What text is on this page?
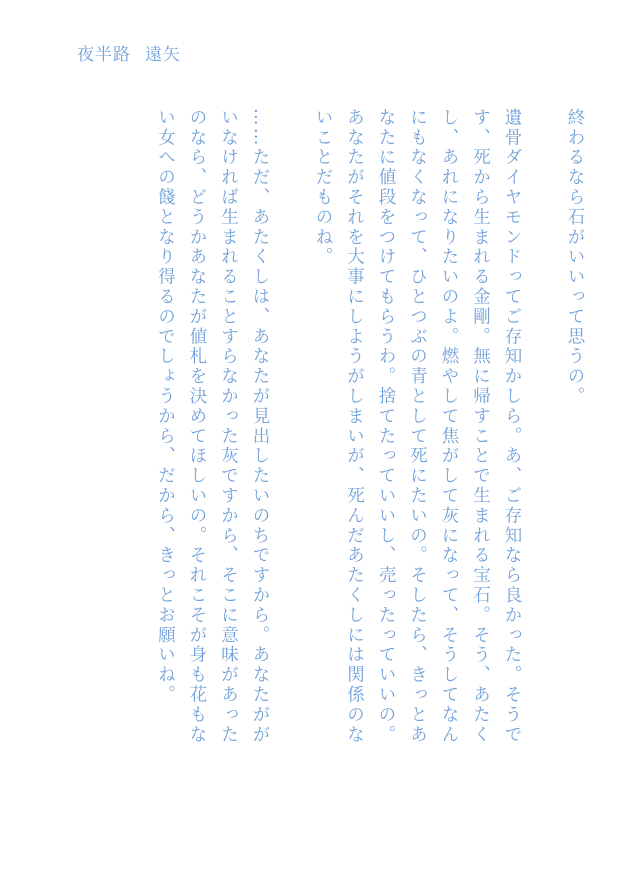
夜半路 遠矢

終わるなら石がいいって思うの。

遺骨ダイヤモンドってご存知かしら。あ、ご存知なら良かった。そうです、死から生まれる金剛。無に帰すことで生まれる宝石。そう、あたくし、あれになりたいのよ。燃やして焦がして灰になって、そうしてなんにもなくなって、ひとつぶの青として死にたいの。そしたら、きっとあなたに値段をつけてもらうわ。捨てたっていいし、売ったっていいの。あなたがそれを大事にしようがしまいが、死んだあたくしには関係のないことだものね。

……ただ、あたくしは、あなたが見出したいのちですから。あなたががいなければ生まれることすらなかった灰ですから、そこに意味があったのなら、どうかあなたが値札を決めてほしいの。それこそが身も花もない女への餞となり得るのでしょうから、だから、きっとお願いね。
